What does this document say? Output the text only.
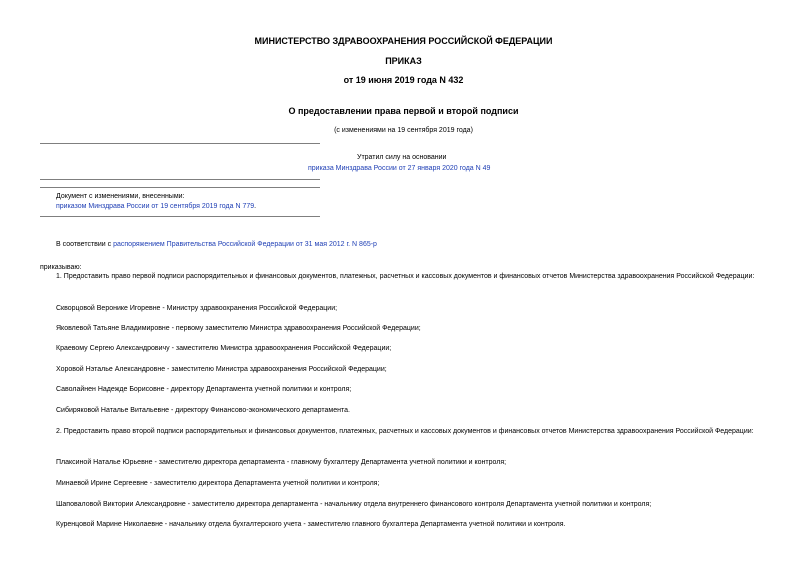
МИНИСТЕРСТВО ЗДРАВООХРАНЕНИЯ РОССИЙСКОЙ ФЕДЕРАЦИИ
ПРИКАЗ
от 19 июня 2019 года N 432
О предоставлении права первой и второй подписи
(с изменениями на 19 сентября 2019 года)
Утратил силу на основании
приказа Минздрава России от 27 января 2020 года N 49
Документ с изменениями, внесенными:
приказом Минздрава России от 19 сентября 2019 года N 779.
В соответствии с распоряжением Правительства Российской Федерации от 31 мая 2012 г. N 865-р
приказываю:
1. Предоставить право первой подписи распорядительных и финансовых документов, платежных, расчетных и кассовых документов и финансовых отчетов Министерства здравоохранения Российской Федерации:
Скворцовой Веронике Игоревне - Министру здравоохранения Российской Федерации;
Яковлевой Татьяне Владимировне - первому заместителю Министра здравоохранения Российской Федерации;
Краевому Сергею Александровичу - заместителю Министра здравоохранения Российской Федерации;
Хоровой Нэталье Александровне - заместителю Министра здравоохранения Российской Федерации;
Саволайнен Надежде Борисовне - директору Департамента учетной политики и контроля;
Сибиряковой Наталье Витальевне - директору Финансово-экономического департамента.
2. Предоставить право второй подписи распорядительных и финансовых документов, платежных, расчетных и кассовых документов и финансовых отчетов Министерства здравоохранения Российской Федерации:
Плаксиной Наталье Юрьевне - заместителю директора департамента - главному бухгалтеру Департамента учетной политики и контроля;
Минаевой Ирине Сергеевне - заместителю директора Департамента учетной политики и контроля;
Шаповаловой Виктории Александровне - заместителю директора департамента - начальнику отдела внутреннего финансового контроля Департамента учетной политики и контроля;
Куренцовой Марине Николаевне - начальнику отдела бухгалтерского учета - заместителю главного бухгалтера Департамента учетной политики и контроля.
